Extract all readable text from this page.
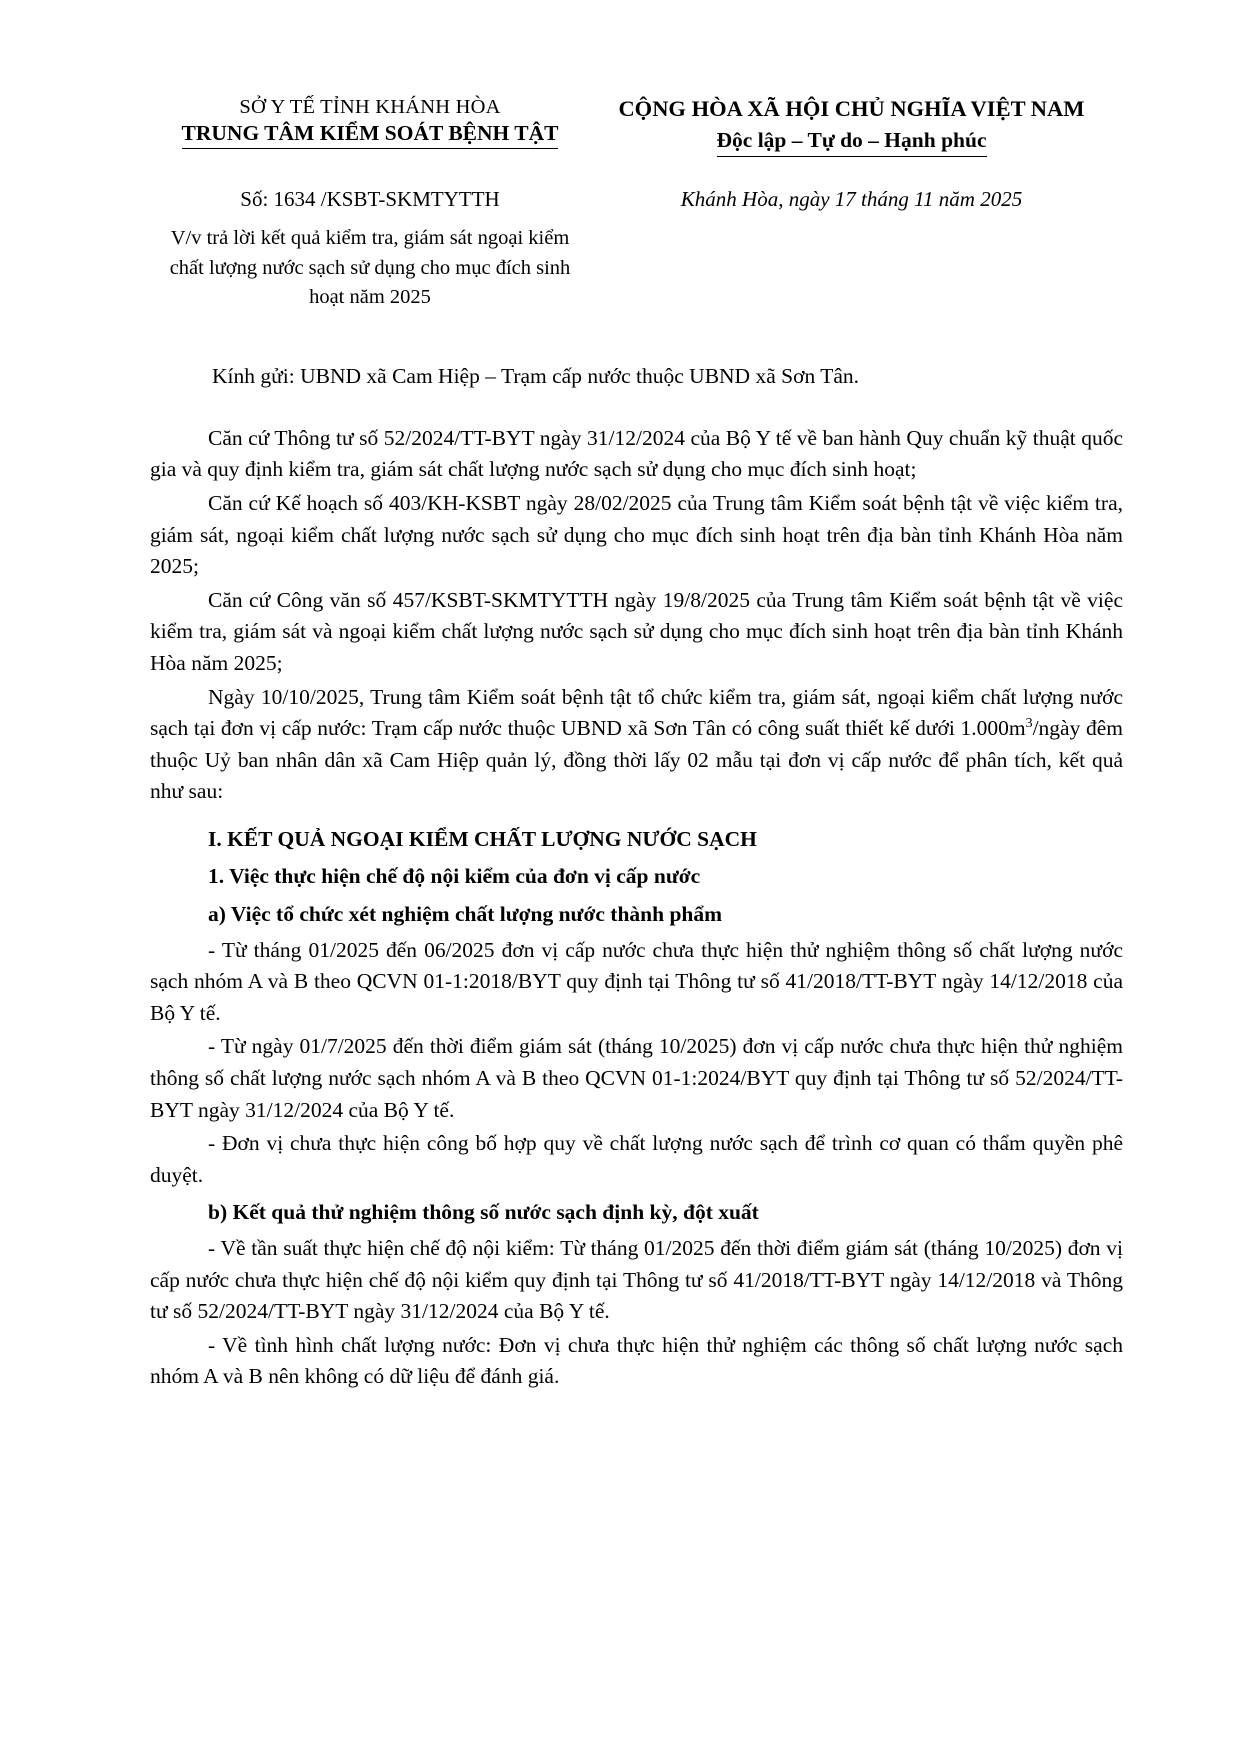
SỞ Y TẾ TỈNH KHÁNH HÒA
TRUNG TÂM KIỂM SOÁT BỆNH TẬT
CỘNG HÒA XÃ HỘI CHỦ NGHĨA VIỆT NAM
Độc lập – Tự do – Hạnh phúc
Số: 1634 /KSBT-SKMTYTTH	Khánh Hòa, ngày 17 tháng 11 năm 2025
V/v trả lời kết quả kiểm tra, giám sát ngoại kiểm chất lượng nước sạch sử dụng cho mục đích sinh hoạt năm 2025
Kính gửi: UBND xã Cam Hiệp – Trạm cấp nước thuộc UBND xã Sơn Tân.

Căn cứ Thông tư số 52/2024/TT-BYT ngày 31/12/2024 của Bộ Y tế về ban hành Quy chuẩn kỹ thuật quốc gia và quy định kiểm tra, giám sát chất lượng nước sạch sử dụng cho mục đích sinh hoạt;

Căn cứ Kế hoạch số 403/KH-KSBT ngày 28/02/2025 của Trung tâm Kiểm soát bệnh tật về việc kiểm tra, giám sát, ngoại kiểm chất lượng nước sạch sử dụng cho mục đích sinh hoạt trên địa bàn tỉnh Khánh Hòa năm 2025;

Căn cứ Công văn số 457/KSBT-SKMTYTTH ngày 19/8/2025 của Trung tâm Kiểm soát bệnh tật về việc kiểm tra, giám sát và ngoại kiểm chất lượng nước sạch sử dụng cho mục đích sinh hoạt trên địa bàn tỉnh Khánh Hòa năm 2025;

Ngày 10/10/2025, Trung tâm Kiểm soát bệnh tật tổ chức kiểm tra, giám sát, ngoại kiểm chất lượng nước sạch tại đơn vị cấp nước: Trạm cấp nước thuộc UBND xã Sơn Tân có công suất thiết kế dưới $1.000m^3$/ngày đêm thuộc Uỷ ban nhân dân xã Cam Hiệp quản lý, đồng thời lấy 02 mẫu tại đơn vị cấp nước để phân tích, kết quả như sau:

I. KẾT QUẢ NGOẠI KIỂM CHẤT LƯỢNG NƯỚC SẠCH
1. Việc thực hiện chế độ nội kiểm của đơn vị cấp nước
a) Việc tổ chức xét nghiệm chất lượng nước thành phẩm

- Từ tháng 01/2025 đến 06/2025 đơn vị cấp nước chưa thực hiện thử nghiệm thông số chất lượng nước sạch nhóm A và B theo QCVN 01-1:2018/BYT quy định tại Thông tư số 41/2018/TT-BYT ngày 14/12/2018 của Bộ Y tế.

- Từ ngày 01/7/2025 đến thời điểm giám sát (tháng 10/2025) đơn vị cấp nước chưa thực hiện thử nghiệm thông số chất lượng nước sạch nhóm A và B theo QCVN 01-1:2024/BYT quy định tại Thông tư số 52/2024/TT-BYT ngày 31/12/2024 của Bộ Y tế.

- Đơn vị chưa thực hiện công bố hợp quy về chất lượng nước sạch để trình cơ quan có thẩm quyền phê duyệt.

b) Kết quả thử nghiệm thông số nước sạch định kỳ, đột xuất

- Về tần suất thực hiện chế độ nội kiểm: Từ tháng 01/2025 đến thời điểm giám sát (tháng 10/2025) đơn vị cấp nước chưa thực hiện chế độ nội kiểm quy định tại Thông tư số 41/2018/TT-BYT ngày 14/12/2018 và Thông tư số 52/2024/TT-BYT ngày 31/12/2024 của Bộ Y tế.

- Về tình hình chất lượng nước: Đơn vị chưa thực hiện thử nghiệm các thông số chất lượng nước sạch nhóm A và B nên không có dữ liệu để đánh giá.
